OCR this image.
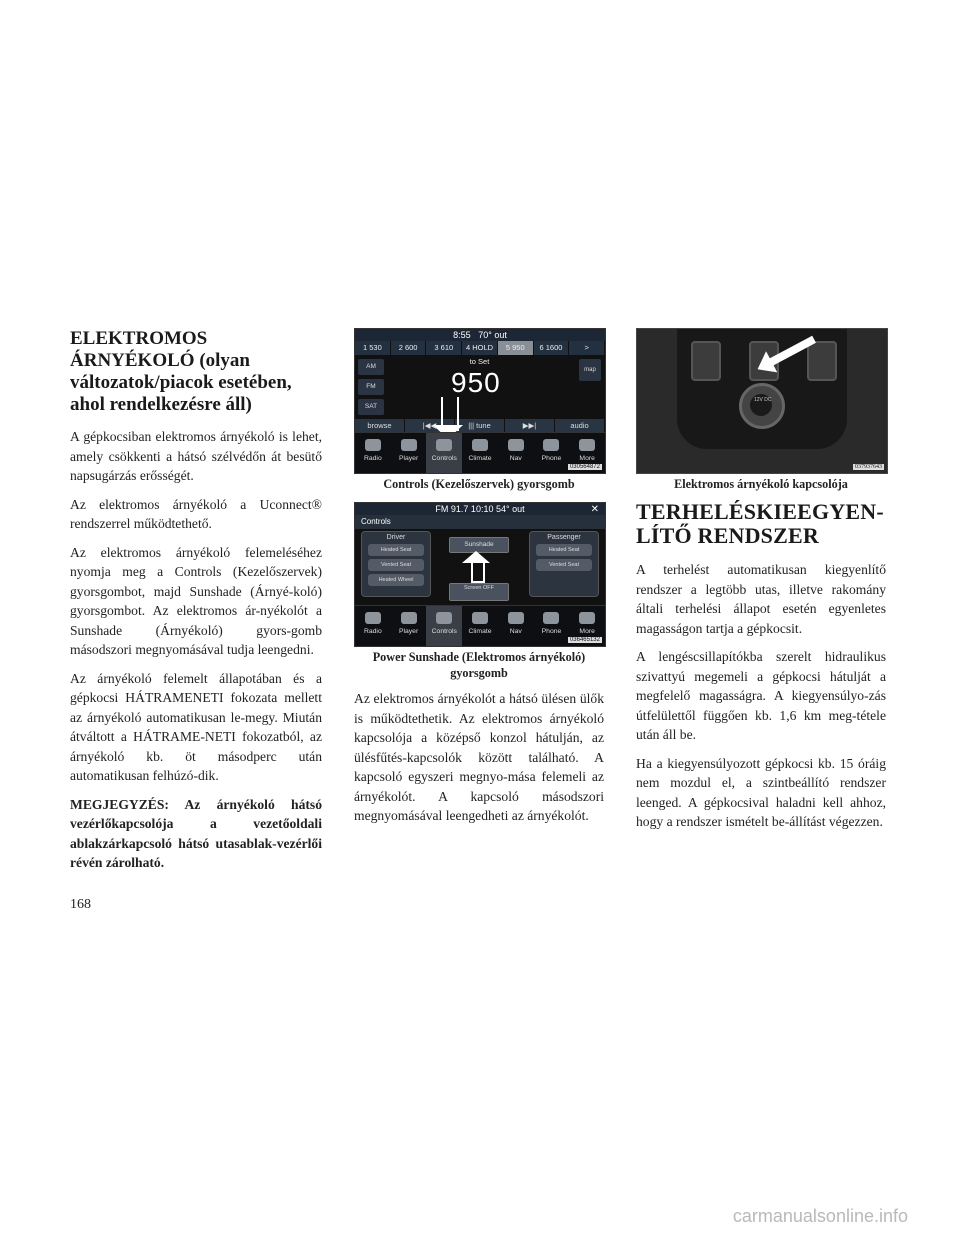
ELEKTROMOS ÁRNYÉKOLÓ (olyan változatok/piacok esetében, ahol rendelkezésre áll)

A gépkocsiban elektromos árnyékoló is lehet, amely csökkenti a hátsó szélvédőn át besütő napsugárzás erősségét.

Az elektromos árnyékoló a Uconnect® rendszerrel működtethető.

Az elektromos árnyékoló felemeléséhez nyomja meg a Controls (Kezelőszervek) gyorsgombot, majd Sunshade (Árnyé-koló) gyorsgombot. Az elektromos ár-nyékolót a Sunshade (Árnyékoló) gyors-gomb másodszori megnyomásával tudja leengedni.

Az árnyékoló felemelt állapotában és a gépkocsi HÁTRAMENETI fokozata mellett az árnyékoló automatikusan le-megy. Miután átváltott a HÁTRAME-NETI fokozatból, az árnyékoló kb. öt másodperc után automatikusan felhúzó-dik.

MEGJEGYZÉS: Az árnyékoló hátsó vezérlőkapcsolója a vezetőoldali ablakzárkapcsoló hátsó utasablak-vezérlői révén zárolható.

168
8:55 70° out
1 530	2 600	3 610	4 HOLD to Set
5 950	6 1600	>
AM
FM
SAT
950	map
browse	|◀◀	||| tune	▶▶|	audio
Radio	Player	Controls	Climate	Nav	Phone	More
030564872
Controls (Kezelőszervek) gyorsgomb
FM 91.7 10:10 54° out
Controls
✕
Driver
Heated Seat
Vented Seat
Heated Wheel
Passenger
Heated Seat
Vented Seat
Sunshade
Screen OFF
Radio	Player	Controls	Climate	Nav	Phone	More
036465132
Power Sunshade (Elektromos árnyékoló) gyorsgomb

Az elektromos árnyékolót a hátsó ülésen ülők is működtethetik. Az elektromos árnyékoló kapcsolója a középső konzol hátulján, az ülésfűtés-kapcsolók között található. A kapcsoló egyszeri megnyo-mása felemeli az árnyékolót. A kapcsoló másodszori megnyomásával leengedheti az árnyékolót.

12V DC
037937643
Elektromos árnyékoló kapcsolója
TERHELÉSKIEEGYEN-LÍTŐ RENDSZER

A terhelést automatikusan kiegyenlítő rendszer a legtöbb utas, illetve rakomány általi terhelési állapot esetén egyenletes magasságon tartja a gépkocsit.

A lengéscsillapítókba szerelt hidraulikus szivattyú megemeli a gépkocsi hátulját a megfelelő magasságra. A kiegyensúlyo-zás útfelülettől függően kb. 1,6 km meg-tétele után áll be.

Ha a kiegyensúlyozott gépkocsi kb. 15 óráig nem mozdul el, a szintbeállító rendszer leenged. A gépkocsival haladni kell ahhoz, hogy a rendszer ismételt be-állítást végezzen.

carmanualsonline.info
